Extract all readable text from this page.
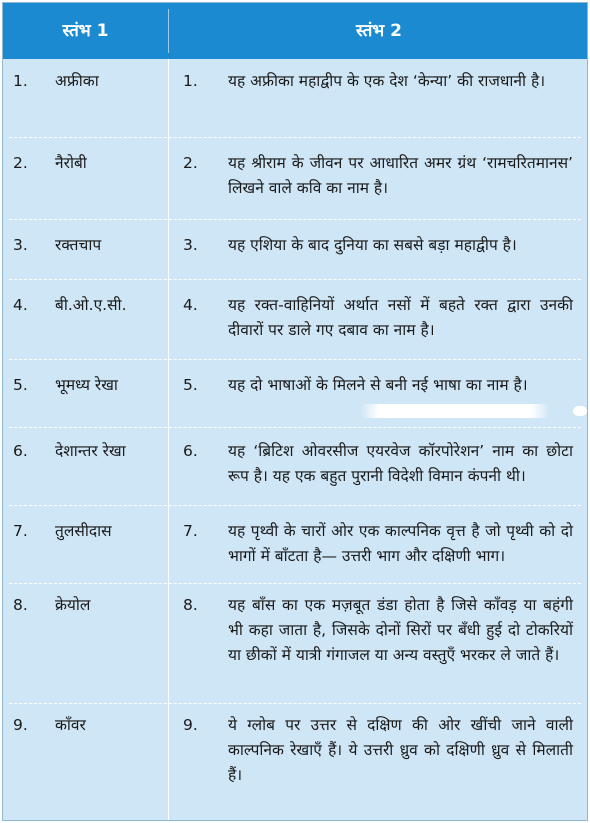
स्तंभ 1	स्तंभ 2
1. अफ्रीका	1. यह अफ्रीका महाद्वीप के एक देश ‘केन्या’ की राजधानी है।
2. नैरोबी	2. यह श्रीराम के जीवन पर आधारित अमर ग्रंथ ‘रामचरितमानस’ लिखने वाले कवि का नाम है।
3. रक्तचाप	3. यह एशिया के बाद दुनिया का सबसे बड़ा महाद्वीप है।
4. बी.ओ.ए.सी.	4. यह रक्त-वाहिनियों अर्थात नसों में बहते रक्त द्वारा उनकी दीवारों पर डाले गए दबाव का नाम है।
5. भूमध्य रेखा	5. यह दो भाषाओं के मिलने से बनी नई भाषा का नाम है।
6. देशान्तर रेखा	6. यह ‘ब्रिटिश ओवरसीज एयरवेज कॉरपोरेशन’ नाम का छोटा रूप है। यह एक बहुत पुरानी विदेशी विमान कंपनी थी।
7. तुलसीदास	7. यह पृथ्वी के चारों ओर एक काल्पनिक वृत्त है जो पृथ्वी को दो भागों में बाँटता है— उत्तरी भाग और दक्षिणी भाग।
8. क्रेयोल	8. यह बाँस का एक मज़बूत डंडा होता है जिसे काँवड़ या बहंगी भी कहा जाता है, जिसके दोनों सिरों पर बँधी हुई दो टोकरियों या छीकों में यात्री गंगाजल या अन्य वस्तुएँ भरकर ले जाते हैं।
9. काँवर	9. ये ग्लोब पर उत्तर से दक्षिण की ओर खींची जाने वाली काल्पनिक रेखाएँ हैं। ये उत्तरी ध्रुव को दक्षिणी ध्रुव से मिलाती हैं।
